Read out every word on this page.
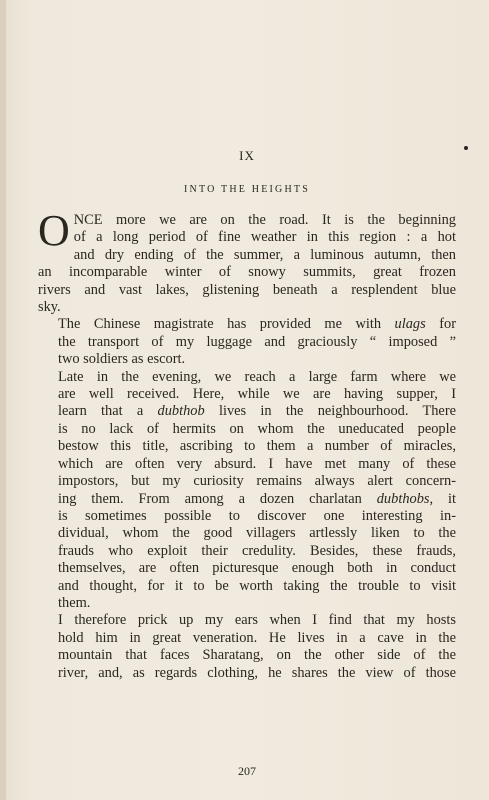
IX
INTO THE HEIGHTS
O NCE more we are on the road. It is the beginning
of a long period of fine weather in this region : a hot
and dry ending of the summer, a luminous autumn, then
an incomparable winter of snowy summits, great frozen
rivers and vast lakes, glistening beneath a resplendent blue
sky.
The Chinese magistrate has provided me with ulags for
the transport of my luggage and graciously “ imposed ”
two soldiers as escort.
Late in the evening, we reach a large farm where we
are well received. Here, while we are having supper, I
learn that a dubthob lives in the neighbourhood. There
is no lack of hermits on whom the uneducated people
bestow this title, ascribing to them a number of miracles,
which are often very absurd. I have met many of these
impostors, but my curiosity remains always alert concern-
ing them. From among a dozen charlatan dubthobs, it
is sometimes possible to discover one interesting in-
dividual, whom the good villagers artlessly liken to the
frauds who exploit their credulity. Besides, these frauds,
themselves, are often picturesque enough both in conduct
and thought, for it to be worth taking the trouble to visit
them.
I therefore prick up my ears when I find that my hosts
hold him in great veneration. He lives in a cave in the
mountain that faces Sharatang, on the other side of the
river, and, as regards clothing, he shares the view of those
207
